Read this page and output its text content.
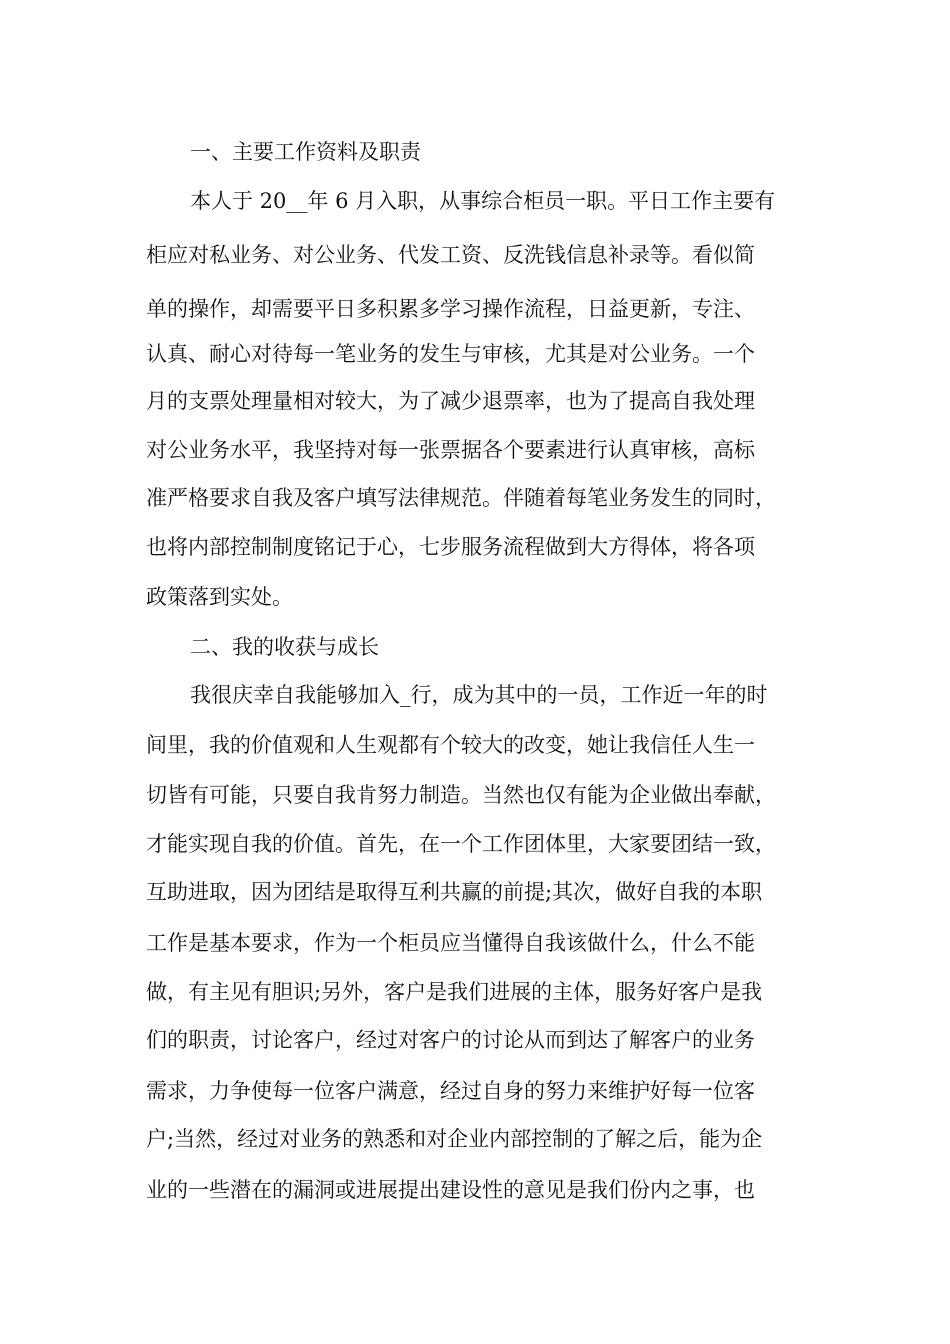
一、主要工作资料及职责

本人于 20__年 6 月入职，从事综合柜员一职。平日工作主要有

柜应对私业务、对公业务、代发工资、反洗钱信息补录等。看似简

单的操作，却需要平日多积累多学习操作流程，日益更新，专注、

认真、耐心对待每一笔业务的发生与审核，尤其是对公业务。一个

月的支票处理量相对较大，为了减少退票率，也为了提高自我处理

对公业务水平，我坚持对每一张票据各个要素进行认真审核，高标

准严格要求自我及客户填写法律规范。伴随着每笔业务发生的同时，

也将内部控制制度铭记于心，七步服务流程做到大方得体，将各项

政策落到实处。

二、我的收获与成长

我很庆幸自我能够加入_行，成为其中的一员，工作近一年的时

间里，我的价值观和人生观都有个较大的改变，她让我信任人生一

切皆有可能，只要自我肯努力制造。当然也仅有能为企业做出奉献，

才能实现自我的价值。首先，在一个工作团体里，大家要团结一致，

互助进取，因为团结是取得互利共赢的前提;其次，做好自我的本职

工作是基本要求，作为一个柜员应当懂得自我该做什么，什么不能

做，有主见有胆识;另外，客户是我们进展的主体，服务好客户是我

们的职责，讨论客户，经过对客户的讨论从而到达了解客户的业务

需求，力争使每一位客户满意，经过自身的努力来维护好每一位客

户;当然，经过对业务的熟悉和对企业内部控制的了解之后，能为企

业的一些潜在的漏洞或进展提出建设性的意见是我们份内之事，也
